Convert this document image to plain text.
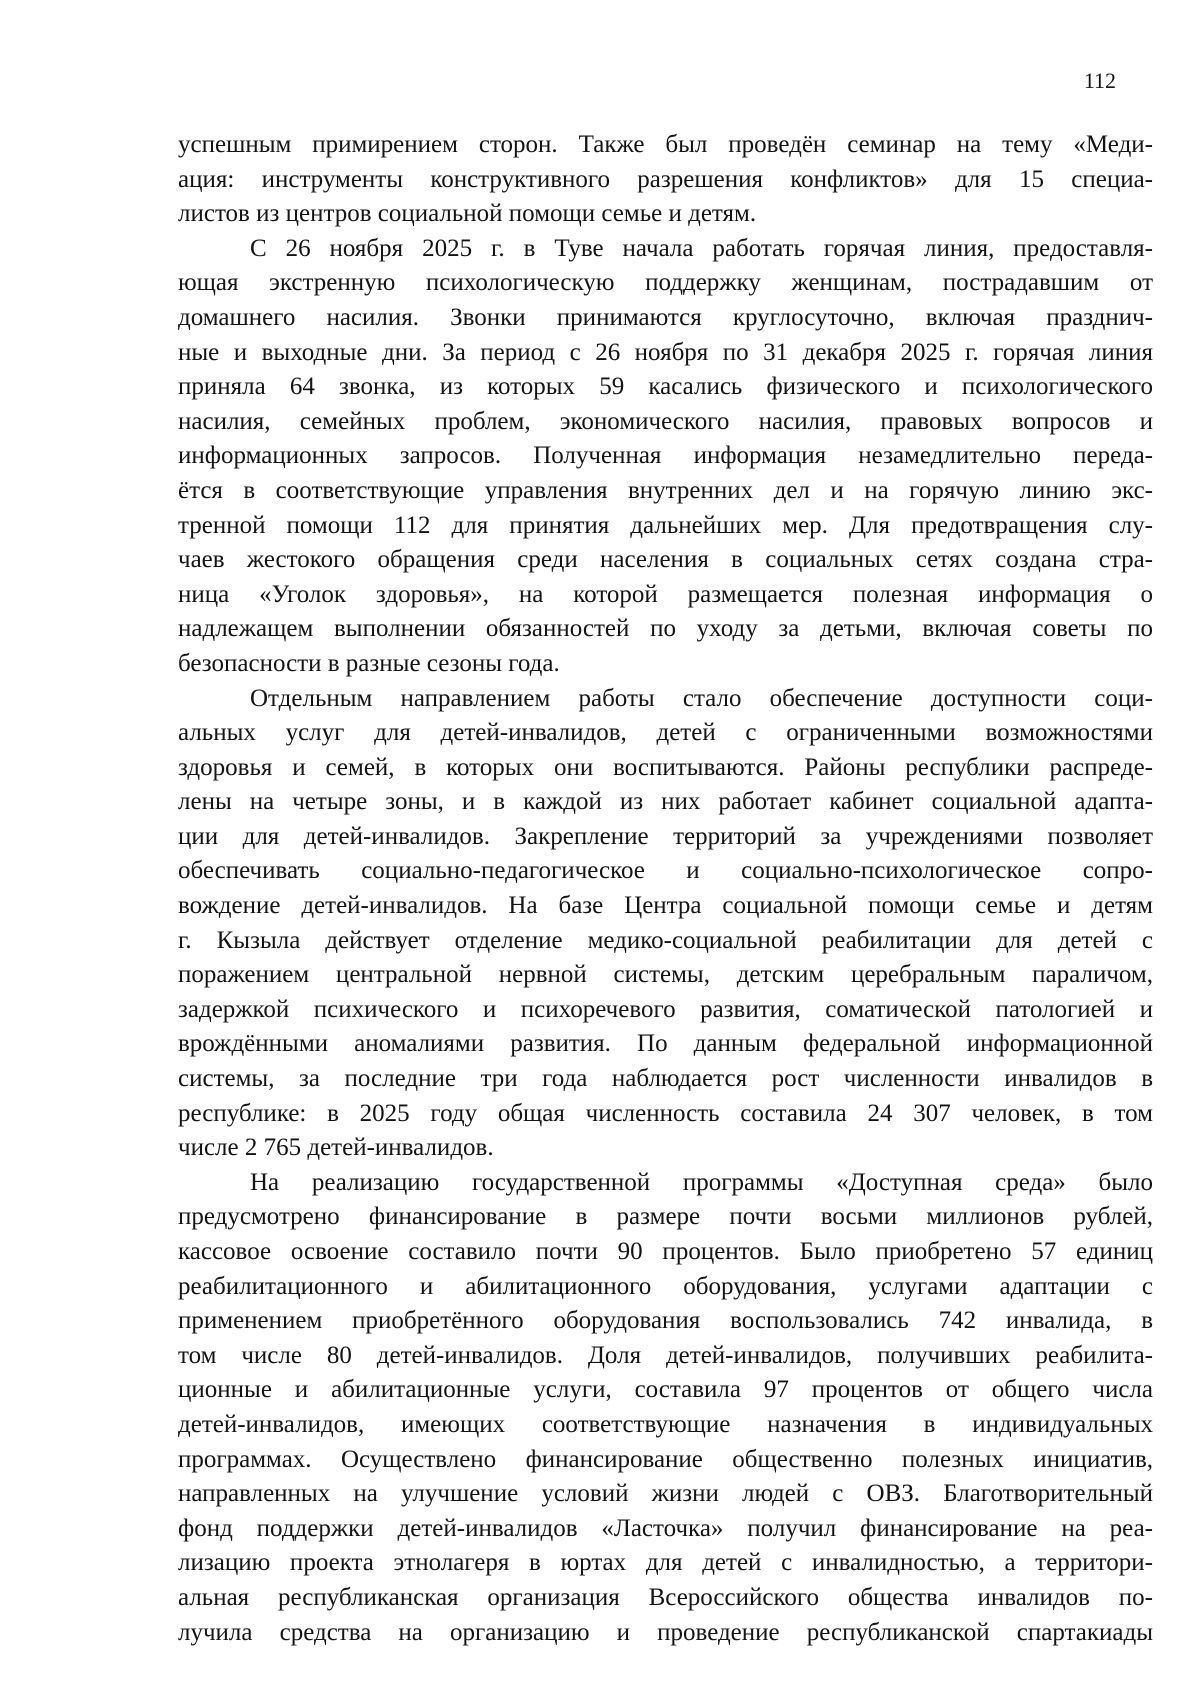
112
успешным примирением сторон. Также был проведён семинар на тему «Меди-
ация: инструменты конструктивного разрешения конфликтов» для 15 специа-
листов из центров социальной помощи семье и детям.
С 26 ноября 2025 г. в Туве начала работать горячая линия, предоставля-
ющая экстренную психологическую поддержку женщинам, пострадавшим от
домашнего насилия. Звонки принимаются круглосуточно, включая празднич-
ные и выходные дни. За период с 26 ноября по 31 декабря 2025 г. горячая линия
приняла 64 звонка, из которых 59 касались физического и психологического
насилия, семейных проблем, экономического насилия, правовых вопросов и
информационных запросов. Полученная информация незамедлительно переда-
ётся в соответствующие управления внутренних дел и на горячую линию экс-
тренной помощи 112 для принятия дальнейших мер. Для предотвращения слу-
чаев жестокого обращения среди населения в социальных сетях создана стра-
ница «Уголок здоровья», на которой размещается полезная информация о
надлежащем выполнении обязанностей по уходу за детьми, включая советы по
безопасности в разные сезоны года.
Отдельным направлением работы стало обеспечение доступности соци-
альных услуг для детей-инвалидов, детей с ограниченными возможностями
здоровья и семей, в которых они воспитываются. Районы республики распреде-
лены на четыре зоны, и в каждой из них работает кабинет социальной адапта-
ции для детей-инвалидов. Закрепление территорий за учреждениями позволяет
обеспечивать социально-педагогическое и социально-психологическое сопро-
вождение детей-инвалидов. На базе Центра социальной помощи семье и детям
г. Кызыла действует отделение медико-социальной реабилитации для детей с
поражением центральной нервной системы, детским церебральным параличом,
задержкой психического и психоречевого развития, соматической патологией и
врождёнными аномалиями развития. По данным федеральной информационной
системы, за последние три года наблюдается рост численности инвалидов в
республике: в 2025 году общая численность составила 24 307 человек, в том
числе 2 765 детей-инвалидов.
На реализацию государственной программы «Доступная среда» было
предусмотрено финансирование в размере почти восьми миллионов рублей,
кассовое освоение составило почти 90 процентов. Было приобретено 57 единиц
реабилитационного и абилитационного оборудования, услугами адаптации с
применением приобретённого оборудования воспользовались 742 инвалида, в
том числе 80 детей-инвалидов. Доля детей-инвалидов, получивших реабилита-
ционные и абилитационные услуги, составила 97 процентов от общего числа
детей-инвалидов, имеющих соответствующие назначения в индивидуальных
программах. Осуществлено финансирование общественно полезных инициатив,
направленных на улучшение условий жизни людей с ОВЗ. Благотворительный
фонд поддержки детей-инвалидов «Ласточка» получил финансирование на реа-
лизацию проекта этнолагеря в юртах для детей с инвалидностью, а территори-
альная республиканская организация Всероссийского общества инвалидов по-
лучила средства на организацию и проведение республиканской спартакиады
